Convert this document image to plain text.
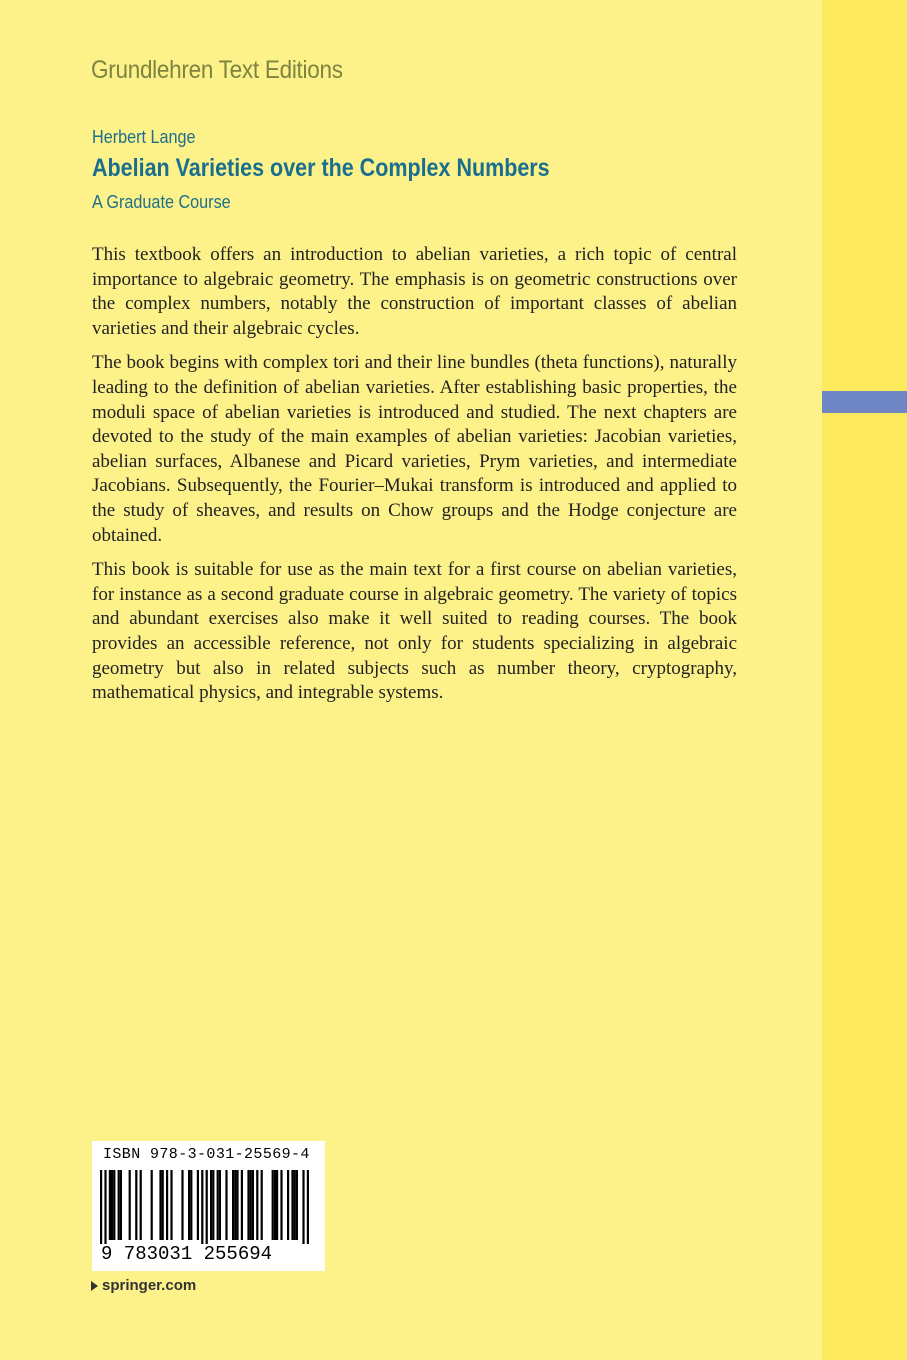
Grundlehren Text Editions
Herbert Lange
Abelian Varieties over the Complex Numbers
A Graduate Course

This textbook offers an introduction to abelian varieties, a rich topic of central importance to algebraic geometry. The emphasis is on geometric constructions over the complex numbers, notably the construction of important classes of abelian varieties and their algebraic cycles.

The book begins with complex tori and their line bundles (theta functions), naturally leading to the definition of abelian varieties. After establishing basic properties, the moduli space of abelian varieties is introduced and studied. The next chapters are devoted to the study of the main examples of abelian varieties: Jacobian varieties, abelian surfaces, Albanese and Picard varieties, Prym varieties, and intermediate Jacobians. Subsequently, the Fourier–Mukai transform is introduced and applied to the study of sheaves, and results on Chow groups and the Hodge conjecture are obtained.

This book is suitable for use as the main text for a first course on abelian varieties, for instance as a second graduate course in algebraic geometry. The variety of topics and abundant exercises also make it well suited to reading courses. The book provides an accessible reference, not only for students specializing in algebraic geometry but also in related subjects such as number theory, cryptography, mathematical physics, and integrable systems.

ISBN 978-3-031-25569-4
9 783031 255694
springer.com
